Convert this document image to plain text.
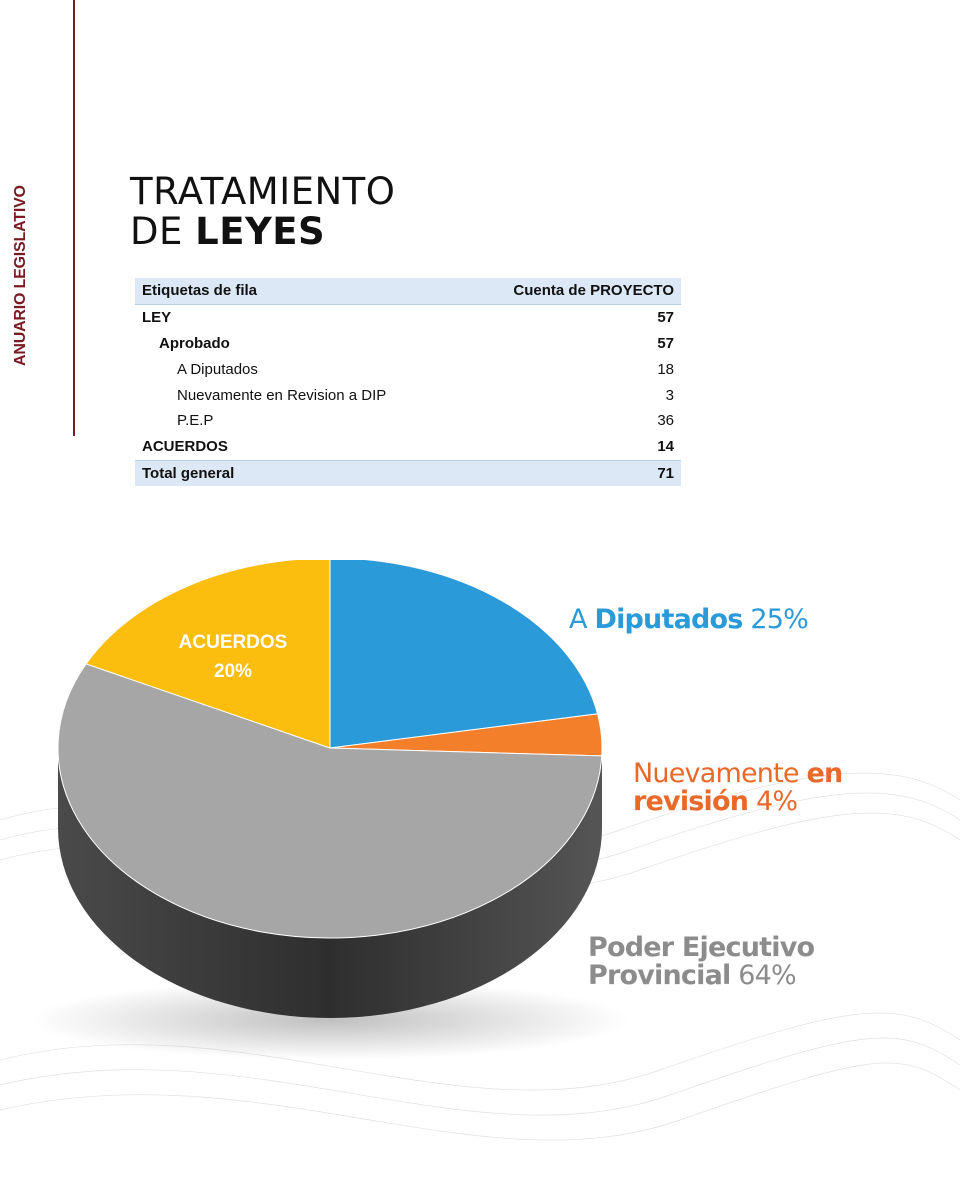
ANUARIO LEGISLATIVO	TRATAMIENTO
DE LEYES
Etiquetas de fila	Cuenta de PROYECTO
LEY	57
Aprobado	57
A Diputados	18
Nuevamente en Revision a DIP	3
P.E.P	36
ACUERDOS	14
Total general	71
A Diputados 25%
Nuevamente en
revisión 4%
Poder Ejecutivo
Provincial 64%
ACUERDOS
20%
